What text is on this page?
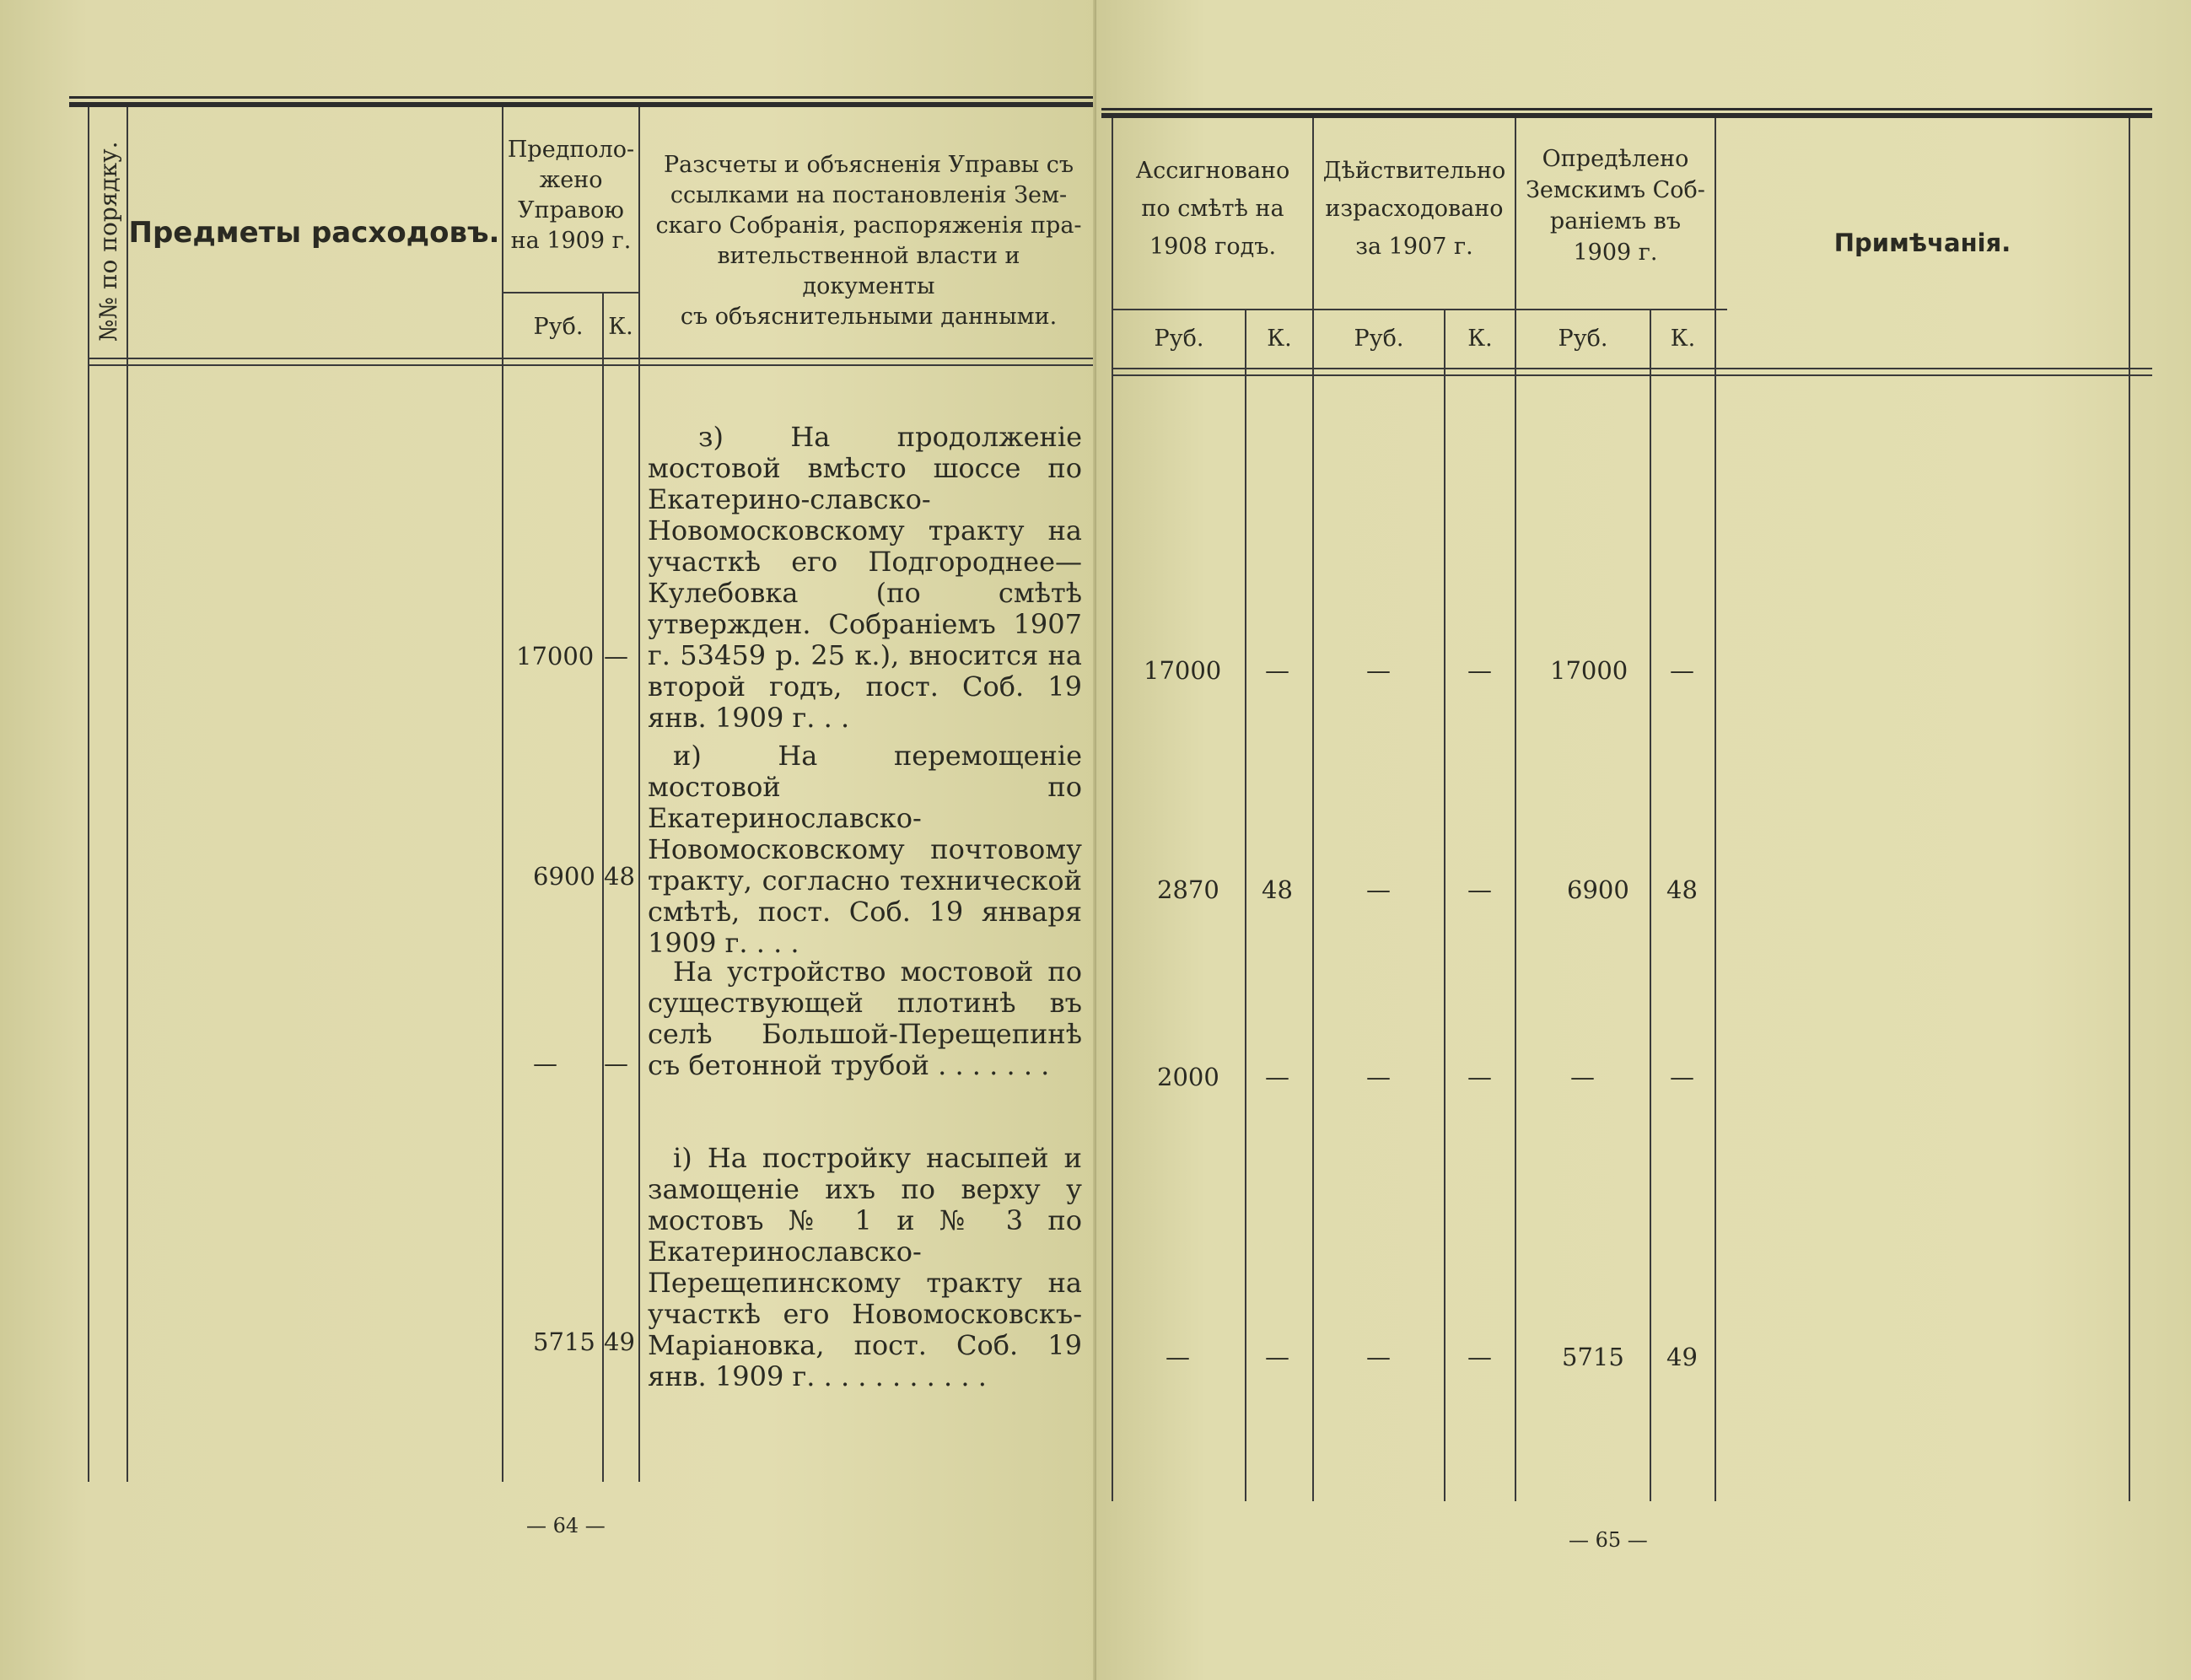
№№ по порядку. Предметы расходовъ.
Предполо-
жено
Управою
на 1909 г.
Руб.	К.
Разсчеты и объясненія Управы съ
ссылками на постановленія Зем-
скаго Собранія, распоряженія пра-
вительственной власти и документы
съ объяснительными данными.
з) На продолженіе мостовой вмѣсто шоссе по Екатерино-славско-Новомосковскому тракту на участкѣ его Подгороднее—Кулебовка (по смѣтѣ утвержден. Собраніемъ 1907 г. 53459 р. 25 к.), вносится на второй годъ, пост. Соб. 19 янв. 1909 г. . .
17000 —
и) На перемощеніе мостовой по Екатеринославско-Новомосковскому почтовому тракту, согласно технической смѣтѣ, пост. Соб. 19 января 1909 г. . . .
6900 48
На устройство мостовой по существующей плотинѣ въ селѣ Большой-Перещепинѣ съ бетонной трубой . . . . . . .
— —
і) На постройку насыпей и замощеніе ихъ по верху у мостовъ № 1 и № 3 по Екатеринославско-Перещепинскому тракту на участкѣ его Новомосковскъ-Маріановка, пост. Соб. 19 янв. 1909 г. . . . . . . . . . .
5715 49
— 64 —
Ассигновано
по смѣтѣ на
1908 годъ.
Дѣйствительно
израсходовано
за 1907 г.
Опредѣлено
Земскимъ Соб-
раніемъ въ
1909 г.	Примѣчанія.
Руб.	К.	Руб.	К.	Руб.	К.
17000 —	—	— 17000 —
2870 48	—	—	6900 48
2000 —	—	—	—	—
—	—	—	—	5715 49
— 65 —
